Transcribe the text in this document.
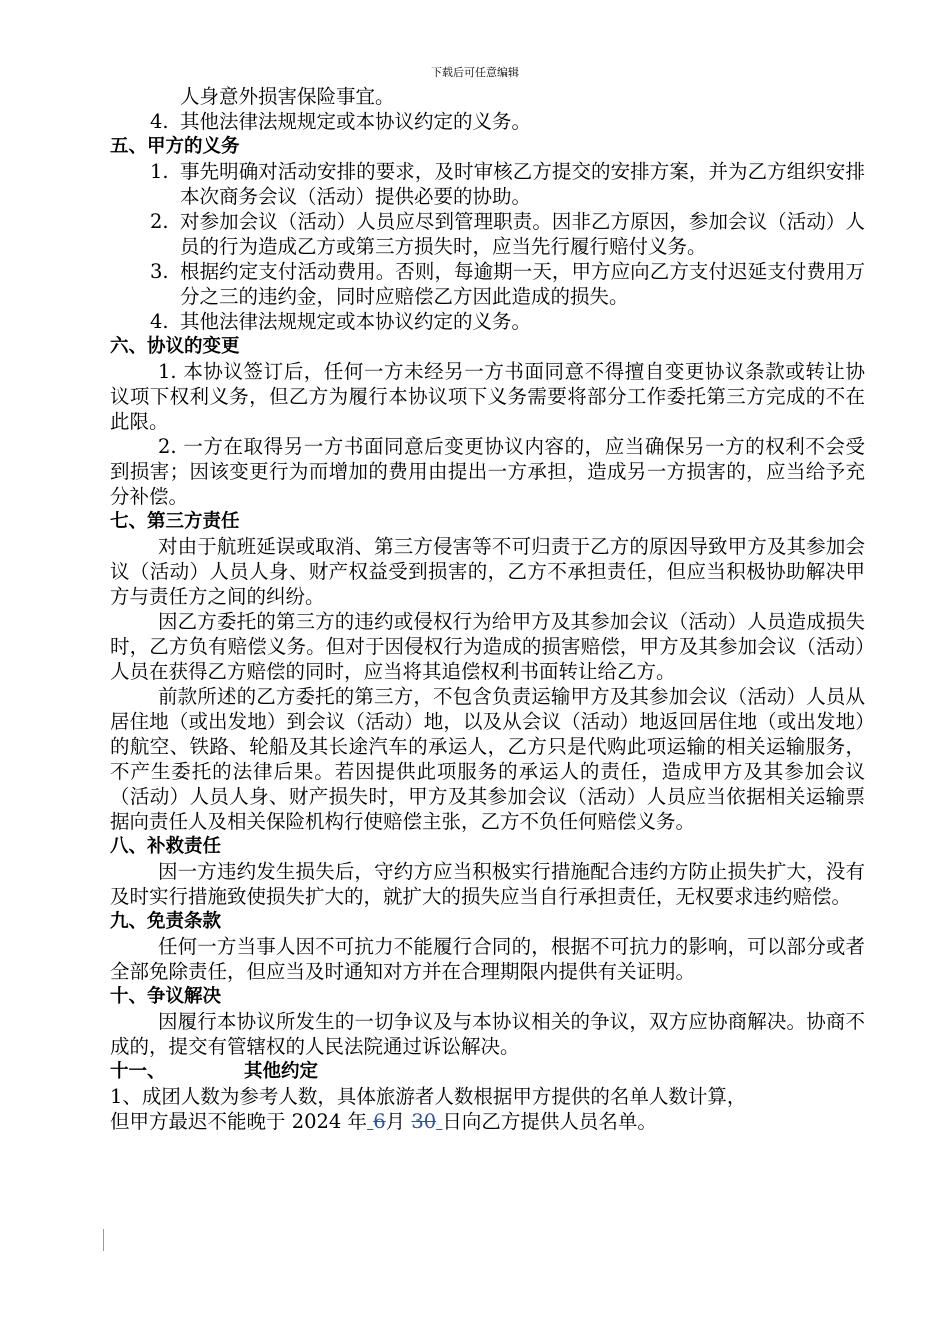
下载后可任意编辑
人身意外损害保险事宜。
4. 其他法律法规规定或本协议约定的义务。

五、甲方的义务

1. 事先明确对活动安排的要求，及时审核乙方提交的安排方案，并为乙方组织安排本次商务会议（活动）提供必要的协助。
2. 对参加会议（活动）人员应尽到管理职责。因非乙方原因，参加会议（活动）人员的行为造成乙方或第三方损失时，应当先行履行赔付义务。
3. 根据约定支付活动费用。否则，每逾期一天，甲方应向乙方支付迟延支付费用万分之三的违约金，同时应赔偿乙方因此造成的损失。
4. 其他法律法规规定或本协议约定的义务。

六、协议的变更

1. 本协议签订后，任何一方未经另一方书面同意不得擅自变更协议条款或转让协议项下权利义务，但乙方为履行本协议项下义务需要将部分工作委托第三方完成的不在此限。

2. 一方在取得另一方书面同意后变更协议内容的，应当确保另一方的权利不会受到损害；因该变更行为而增加的费用由提出一方承担，造成另一方损害的，应当给予充分补偿。

七、第三方责任

对由于航班延误或取消、第三方侵害等不可归责于乙方的原因导致甲方及其参加会议（活动）人员人身、财产权益受到损害的，乙方不承担责任，但应当积极协助解决甲方与责任方之间的纠纷。

因乙方委托的第三方的违约或侵权行为给甲方及其参加会议（活动）人员造成损失时，乙方负有赔偿义务。但对于因侵权行为造成的损害赔偿，甲方及其参加会议（活动）人员在获得乙方赔偿的同时，应当将其追偿权利书面转让给乙方。

前款所述的乙方委托的第三方，不包含负责运输甲方及其参加会议（活动）人员从居住地（或出发地）到会议（活动）地，以及从会议（活动）地返回居住地（或出发地）的航空、铁路、轮船及其长途汽车的承运人，乙方只是代购此项运输的相关运输服务，不产生委托的法律后果。若因提供此项服务的承运人的责任，造成甲方及其参加会议（活动）人员人身、财产损失时，甲方及其参加会议（活动）人员应当依据相关运输票据向责任人及相关保险机构行使赔偿主张，乙方不负任何赔偿义务。

八、补救责任

因一方违约发生损失后，守约方应当积极实行措施配合违约方防止损失扩大，没有及时实行措施致使损失扩大的，就扩大的损失应当自行承担责任，无权要求违约赔偿。

九、免责条款

任何一方当事人因不可抗力不能履行合同的，根据不可抗力的影响，可以部分或者全部免除责任，但应当及时通知对方并在合理期限内提供有关证明。

十、争议解决

因履行本协议所发生的一切争议及与本协议相关的争议，双方应协商解决。协商不成的，提交有管辖权的人民法院通过诉讼解决。

十一、	其他约定

1、成团人数为参考人数，具体旅游者人数根据甲方提供的名单人数计算，

但甲方最迟不能晚于 2024 年 6月 30 日向乙方提供人员名单。
